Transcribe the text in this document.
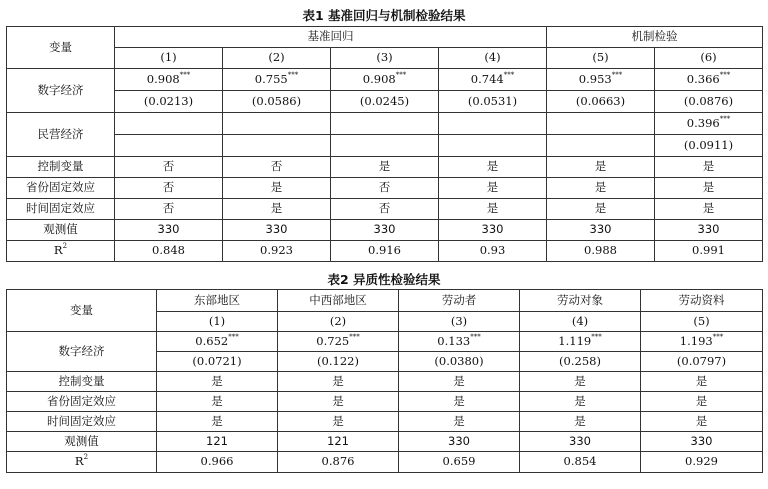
表1 基准回归与机制检验结果
变量	基准回归				机制检验	
	(1)	(2)	(3)	(4)	(5)	(6)
数字经济	0.908***	0.755***	0.908***	0.744***	0.953***	0.366***
	(0.0213)	(0.0586)	(0.0245)	(0.0531)	(0.0663)	(0.0876)
民营经济						0.396***
						(0.0911)
控制变量	否	否	是	是	是	是
省份固定效应	否	是	否	是	是	是
时间固定效应	否	是	否	是	是	是
观测值	330	330	330	330	330	330
$R^2$	0.848	0.923	0.916	0.93	0.988	0.991
表2 异质性检验结果
变量	东部地区	中西部地区	劳动者	劳动对象	劳动资料
	(1)	(2)	(3)	(4)	(5)
数字经济	0.652***	0.725***	0.133***	1.119***	1.193***
	(0.0721)	(0.122)	(0.0380)	(0.258)	(0.0797)
控制变量	是	是	是	是	是
省份固定效应	是	是	是	是	是
时间固定效应	是	是	是	是	是
观测值	121	121	330	330	330
$R^2$	0.966	0.876	0.659	0.854	0.929
